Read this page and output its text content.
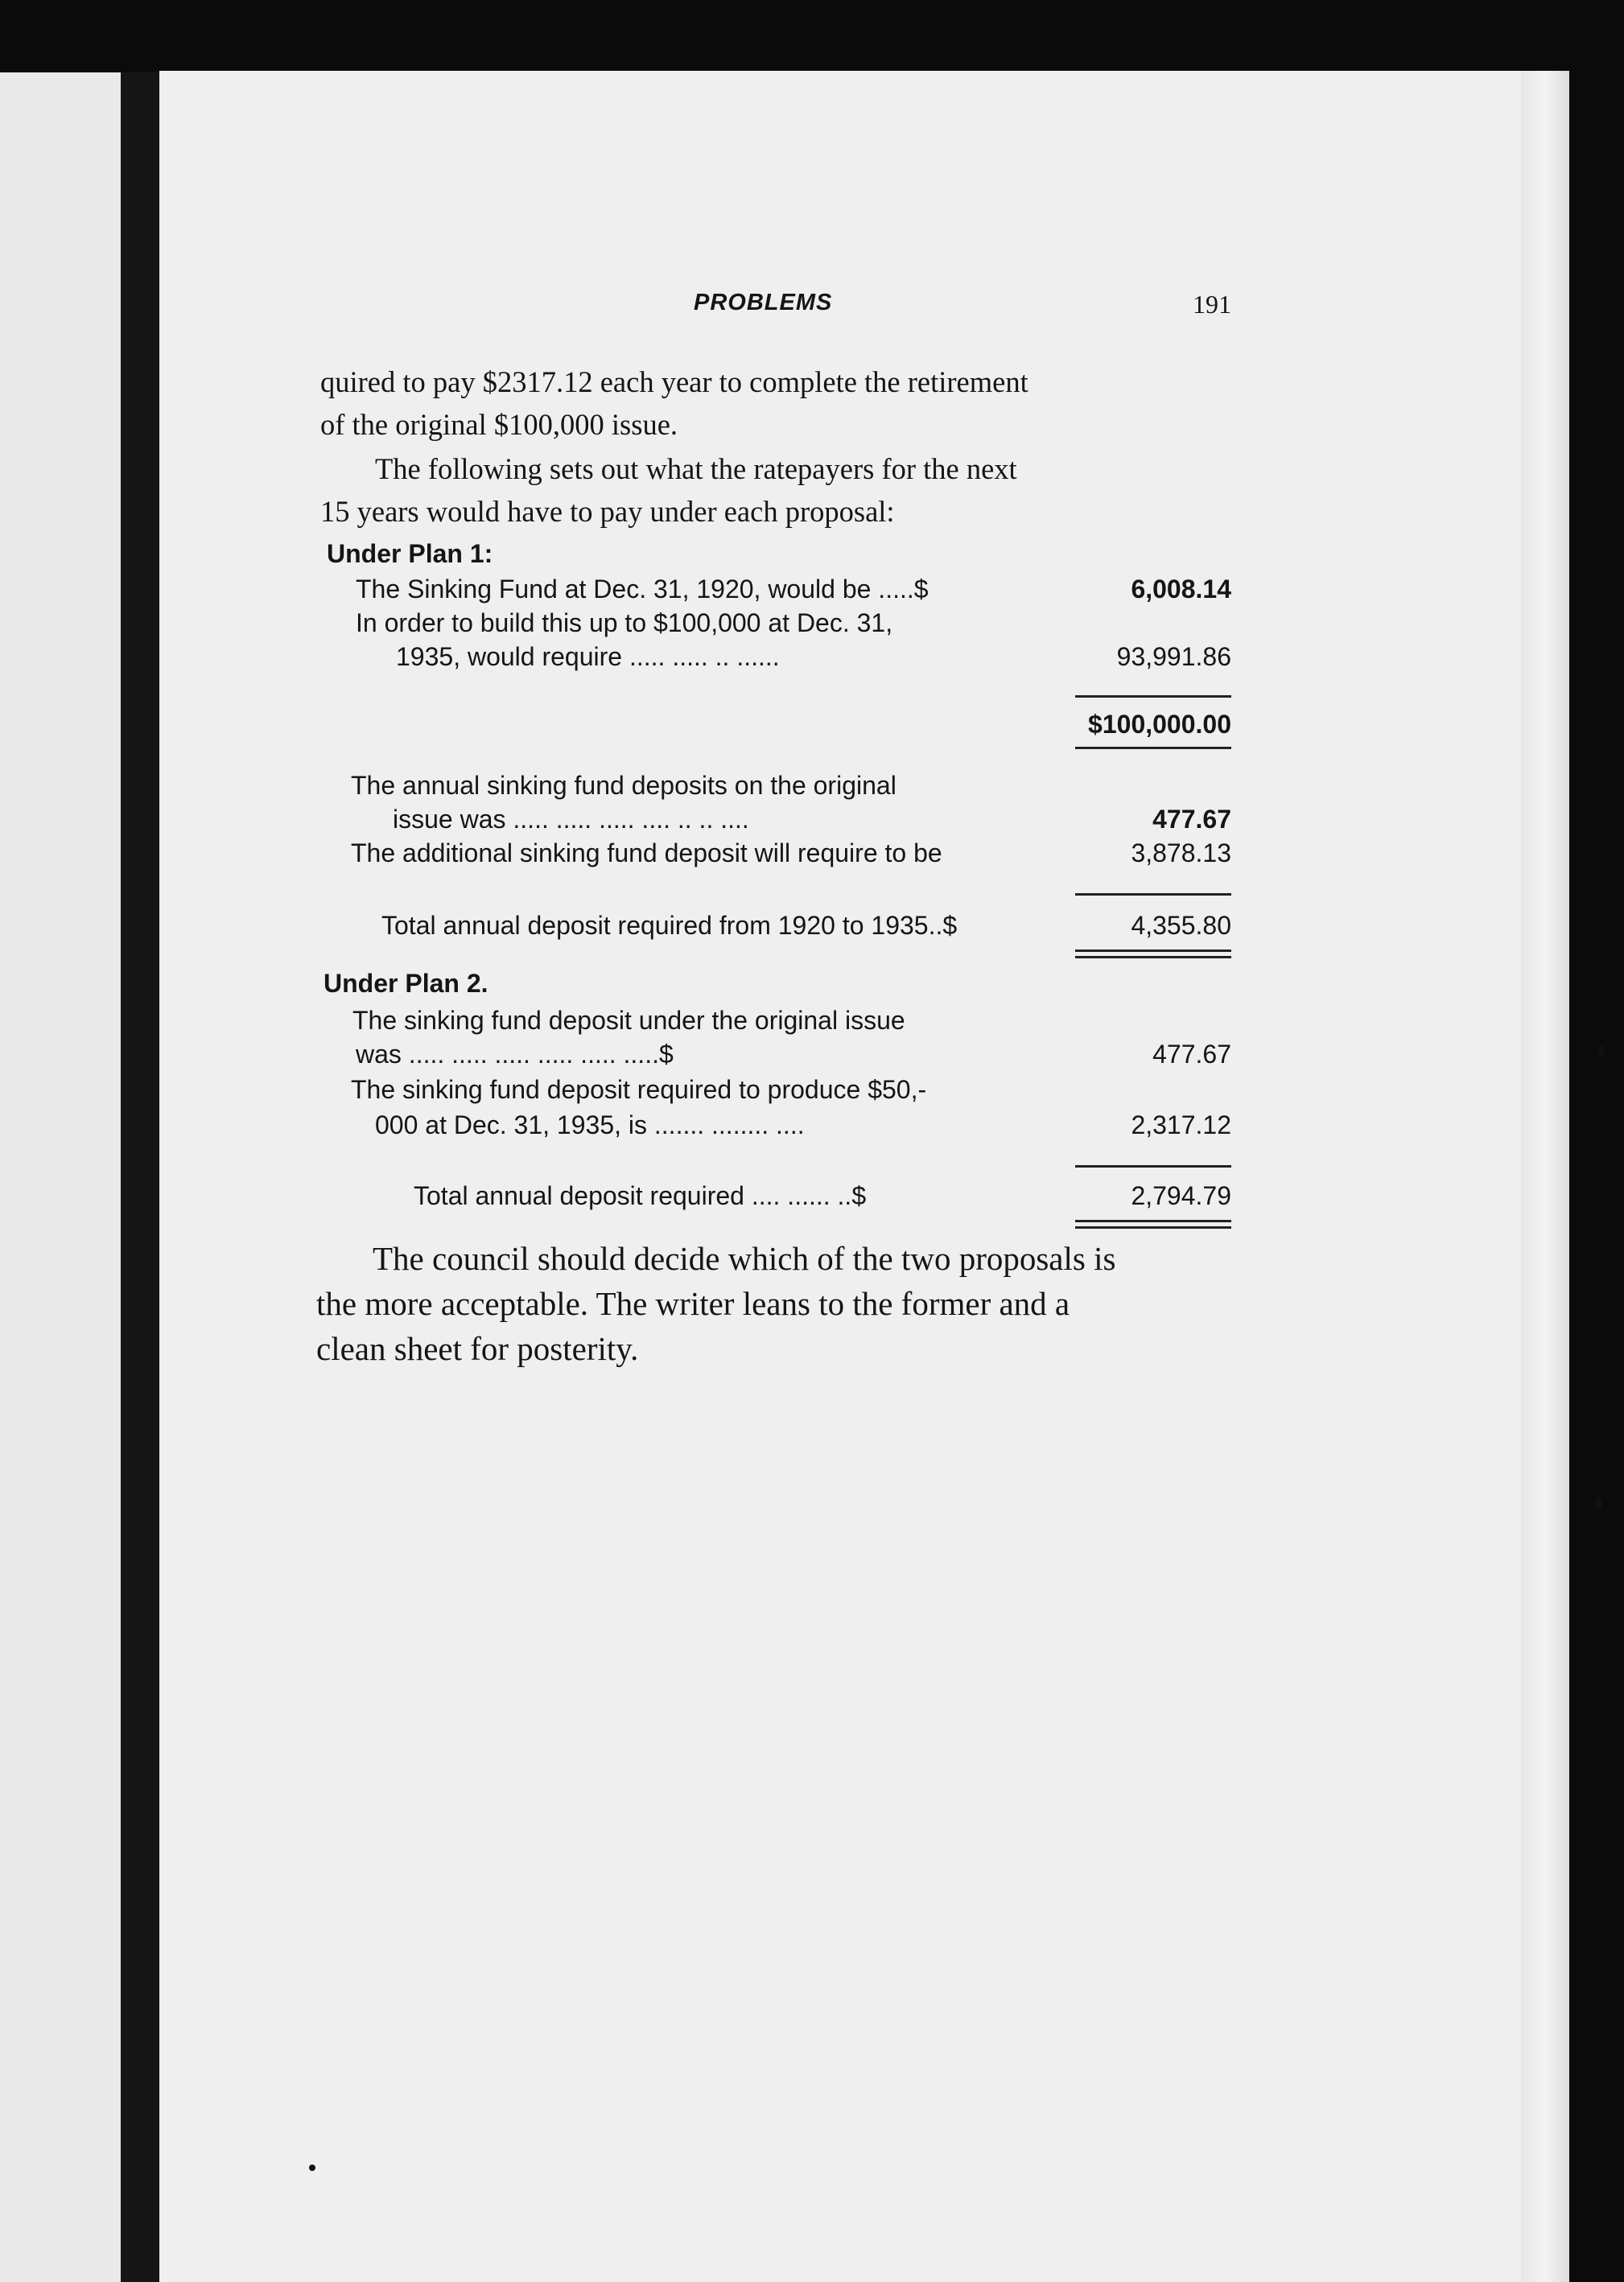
PROBLEMS	191
quired to pay $2317.12 each year to complete the retirement
of the original $100,000 issue.
The following sets out what the ratepayers for the next
15 years would have to pay under each proposal:
Under Plan 1:
The Sinking Fund at Dec. 31, 1920, would be .....$	6,008.14
In order to build this up to $100,000 at Dec. 31,
1935, would require ..... ..... .. ......	93,991.86
$100,000.00
The annual sinking fund deposits on the original
issue was ..... ..... ..... .... .. .. ....	477.67
The additional sinking fund deposit will require to be	3,878.13
Total annual deposit required from 1920 to 1935..$	4,355.80
Under Plan 2.
The sinking fund deposit under the original issue
was ..... ..... ..... ..... ..... .....$	477.67
The sinking fund deposit required to produce $50,-
000 at Dec. 31, 1935, is ....... ........ ....	2,317.12
Total annual deposit required .... ...... ..$	2,794.79
The council should decide which of the two proposals is
the more acceptable. The writer leans to the former and a
clean sheet for posterity.
